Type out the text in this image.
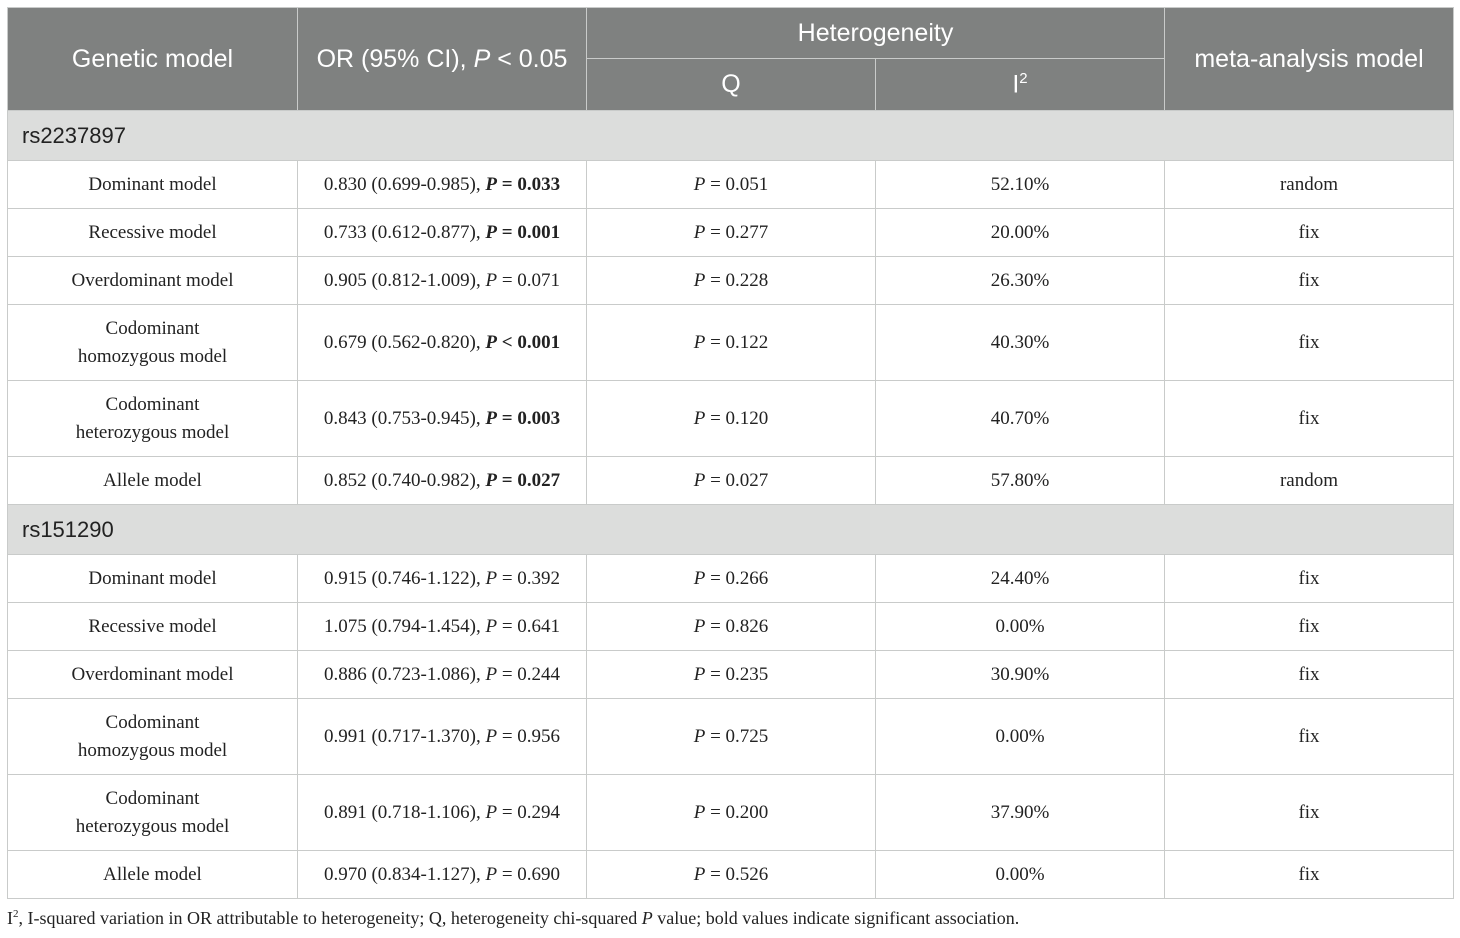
Genetic model	OR (95% CI), P < 0.05	Heterogeneity		meta-analysis model
		Q	$I^2$
rs2237897				
Dominant model	0.830 (0.699-0.985), P = 0.033	P = 0.051	52.10%	random
Recessive model	0.733 (0.612-0.877), P = 0.001	P = 0.277	20.00%	fix
Overdominant model	0.905 (0.812-1.009), P = 0.071	P = 0.228	26.30%	fix
Codominant homozygous model	0.679 (0.562-0.820), P < 0.001	P = 0.122	40.30%	fix
Codominant heterozygous model	0.843 (0.753-0.945), P = 0.003	P = 0.120	40.70%	fix
Allele model	0.852 (0.740-0.982), P = 0.027	P = 0.027	57.80%	random
rs151290				
Dominant model	0.915 (0.746-1.122), P = 0.392	P = 0.266	24.40%	fix
Recessive model	1.075 (0.794-1.454), P = 0.641	P = 0.826	0.00%	fix
Overdominant model	0.886 (0.723-1.086), P = 0.244	P = 0.235	30.90%	fix
Codominant homozygous model	0.991 (0.717-1.370), P = 0.956	P = 0.725	0.00%	fix
Codominant heterozygous model	0.891 (0.718-1.106), P = 0.294	P = 0.200	37.90%	fix
Allele model	0.970 (0.834-1.127), P = 0.690	P = 0.526	0.00%	fix
$I^2$, I-squared variation in OR attributable to heterogeneity; Q, heterogeneity chi-squared P value; bold values indicate significant association.
